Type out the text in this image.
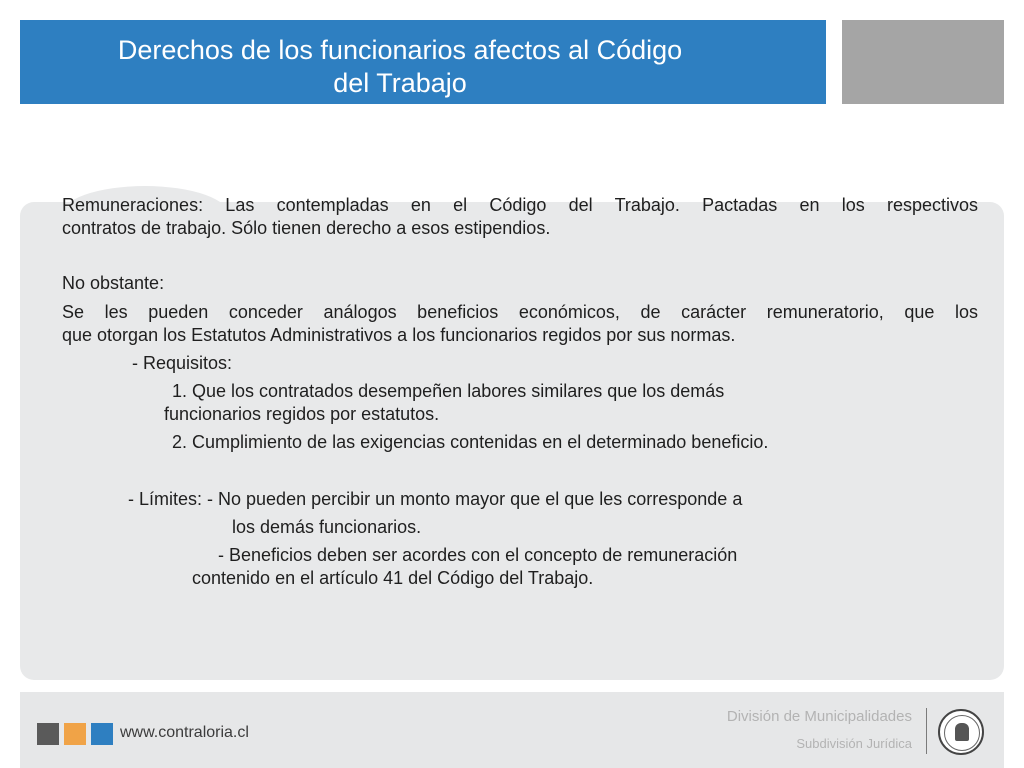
Derechos de los funcionarios afectos al Código
del Trabajo
Remuneraciones: Las contempladas en el Código del Trabajo. Pactadas en los respectivos
contratos de trabajo. Sólo tienen derecho a esos estipendios.
No obstante:
Se les pueden conceder análogos beneficios económicos, de carácter remuneratorio, que los
que otorgan los Estatutos Administrativos a los funcionarios regidos por sus normas.
- Requisitos:
1. Que los contratados desempeñen labores similares que los demás
funcionarios regidos por estatutos.
2. Cumplimiento de las exigencias contenidas en el determinado beneficio.
- Límites: - No pueden percibir un monto mayor que el que les corresponde a
los demás funcionarios.
- Beneficios deben ser acordes con el concepto de remuneración
contenido en el artículo 41 del Código del Trabajo.
www.contraloria.cl
División de Municipalidades
Subdivisión Jurídica
